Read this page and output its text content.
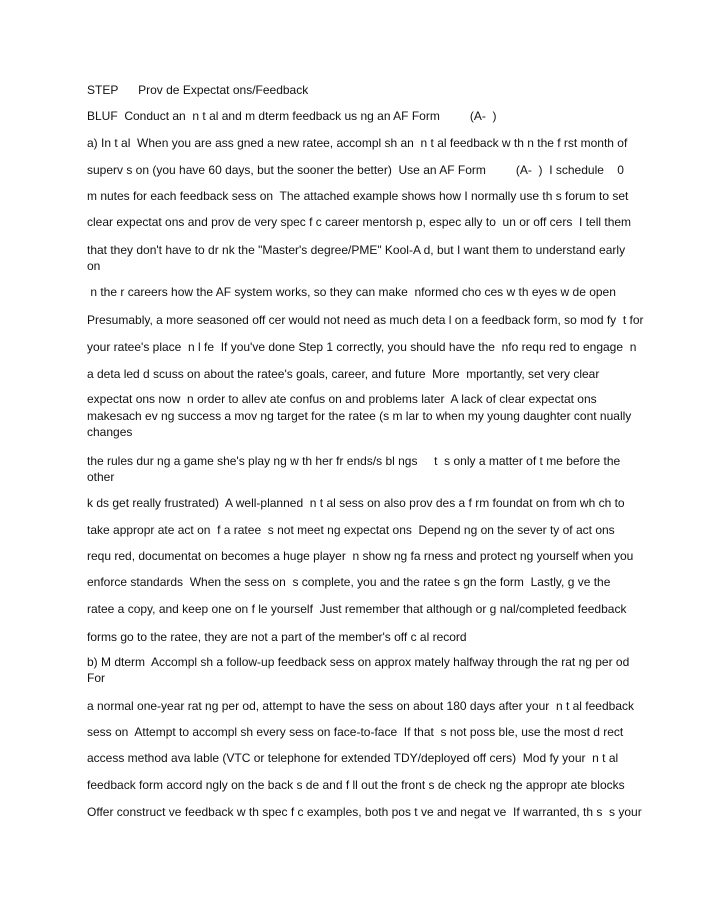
STEP      Prov de Expectat ons/Feedback
BLUF  Conduct an  n t al and m dterm feedback us ng an AF Form         (A-  )
a) In t al  When you are ass gned a new ratee, accompl sh an  n t al feedback w th n the f rst month of
superv s on (you have 60 days, but the sooner the better)  Use an AF Form         (A-  )  I schedule    0
m nutes for each feedback sess on  The attached example shows how I normally use th s forum to set
clear expectat ons and prov de very spec f c career mentorsh p, espec ally to  un or off cers  I tell them
that they don't have to dr nk the "Master's degree/PME" Kool-A d, but I want them to understand early
on
n the r careers how the AF system works, so they can make  nformed cho ces w th eyes w de open
Presumably, a more seasoned off cer would not need as much deta l on a feedback form, so mod fy  t for
your ratee's place  n l fe  If you've done Step 1 correctly, you should have the  nfo requ red to engage  n
a deta led d scuss on about the ratee's goals, career, and future  More  mportantly, set very clear
expectat ons now  n order to allev ate confus on and problems later  A lack of clear expectat ons
makesach ev ng success a mov ng target for the ratee (s m lar to when my young daughter cont nually
changes
the rules dur ng a game she's play ng w th her fr ends/s bl ngs     t  s only a matter of t me before the
other
k ds get really frustrated)  A well-planned  n t al sess on also prov des a f rm foundat on from wh ch to
take appropr ate act on  f a ratee  s not meet ng expectat ons  Depend ng on the sever ty of act ons
requ red, documentat on becomes a huge player  n show ng fa rness and protect ng yourself when you
enforce standards  When the sess on  s complete, you and the ratee s gn the form  Lastly, g ve the
ratee a copy, and keep one on f le yourself  Just remember that although or g nal/completed feedback
forms go to the ratee, they are not a part of the member's off c al record
b) M dterm  Accompl sh a follow-up feedback sess on approx mately halfway through the rat ng per od
For
a normal one-year rat ng per od, attempt to have the sess on about 180 days after your  n t al feedback
sess on  Attempt to accompl sh every sess on face-to-face  If that  s not poss ble, use the most d rect
access method ava lable (VTC or telephone for extended TDY/deployed off cers)  Mod fy your  n t al
feedback form accord ngly on the back s de and f ll out the front s de check ng the appropr ate blocks
Offer construct ve feedback w th spec f c examples, both pos t ve and negat ve  If warranted, th s  s your
